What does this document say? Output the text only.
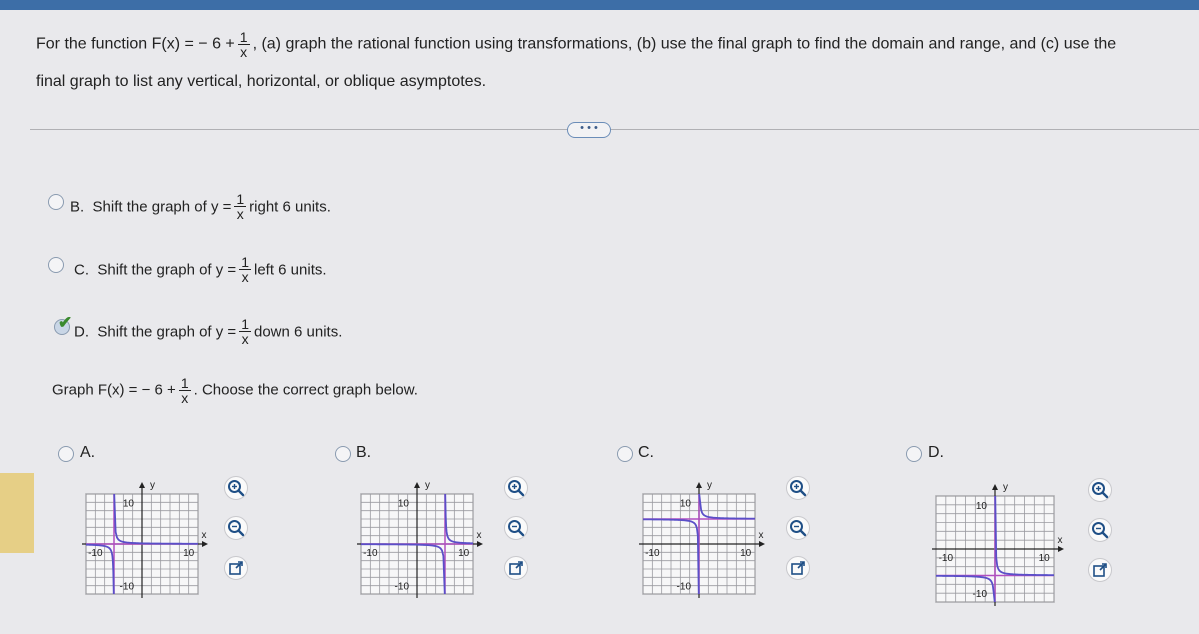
For the function F(x) = − $6 + \frac{1}{x}$ , (a) graph the rational function using transformations, (b) use the final graph to find the domain and range, and (c) use the
final graph to list any vertical, horizontal, or oblique asymptotes.
• • •
B. Shift the graph of $y = \frac{1}{x}$ right 6 units.
C. Shift the graph of $y = \frac{1}{x}$ left 6 units.
✔ D. Shift the graph of $y = \frac{1}{x}$ down 6 units.
Graph F(x) = − $6 + \frac{1}{x}$ . Choose the correct graph below.
A.
10
-10	10
-10
x
y
B.
10
-10	10
-10
x
y
C.
10
-10	10
-10
x
y
D.
10
-10	10
-10
x
y
